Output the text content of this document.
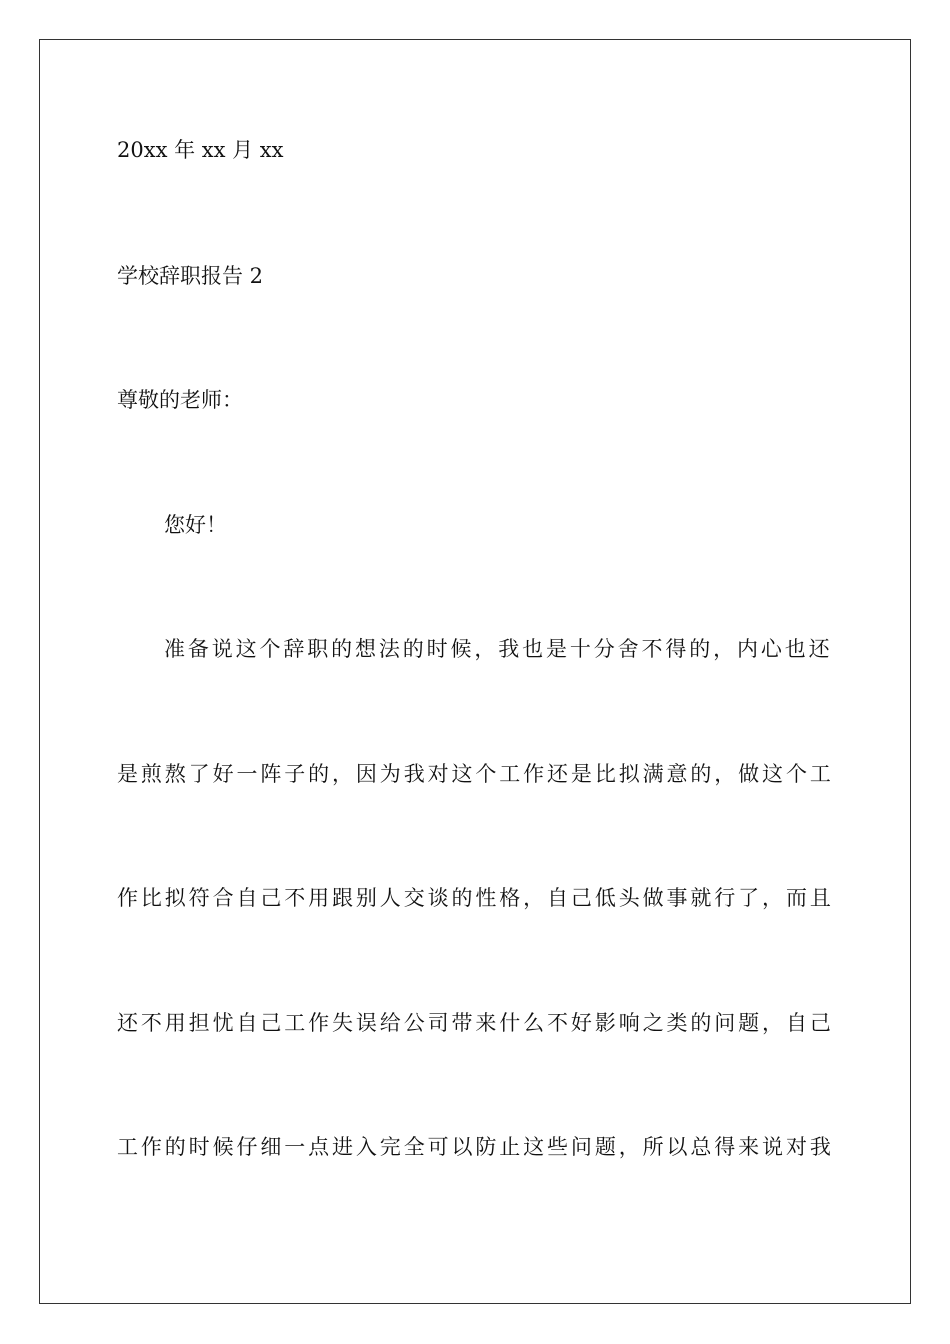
20xx 年 xx 月 xx
学校辞职报告 2
尊敬的老师：
您好！
准 备 说 这 个 辞 职 的 想 法 的 时 候 ， 我 也 是 十 分 舍 不 得 的 ， 内 心 也 还
是 煎 熬 了 好 一 阵 子 的 ， 因 为 我 对 这 个 工 作 还 是 比 拟 满 意 的 ， 做 这 个 工
作 比 拟 符 合 自 己 不 用 跟 别 人 交 谈 的 性 格 ， 自 己 低 头 做 事 就 行 了 ， 而 且
还 不 用 担 忧 自 己 工 作 失 误 给 公 司 带 来 什 么 不 好 影 响 之 类 的 问 题 ， 自 己
工 作 的 时 候 仔 细 一 点 进 入 完 全 可 以 防 止 这 些 问 题 ， 所 以 总 得 来 说 对 我
